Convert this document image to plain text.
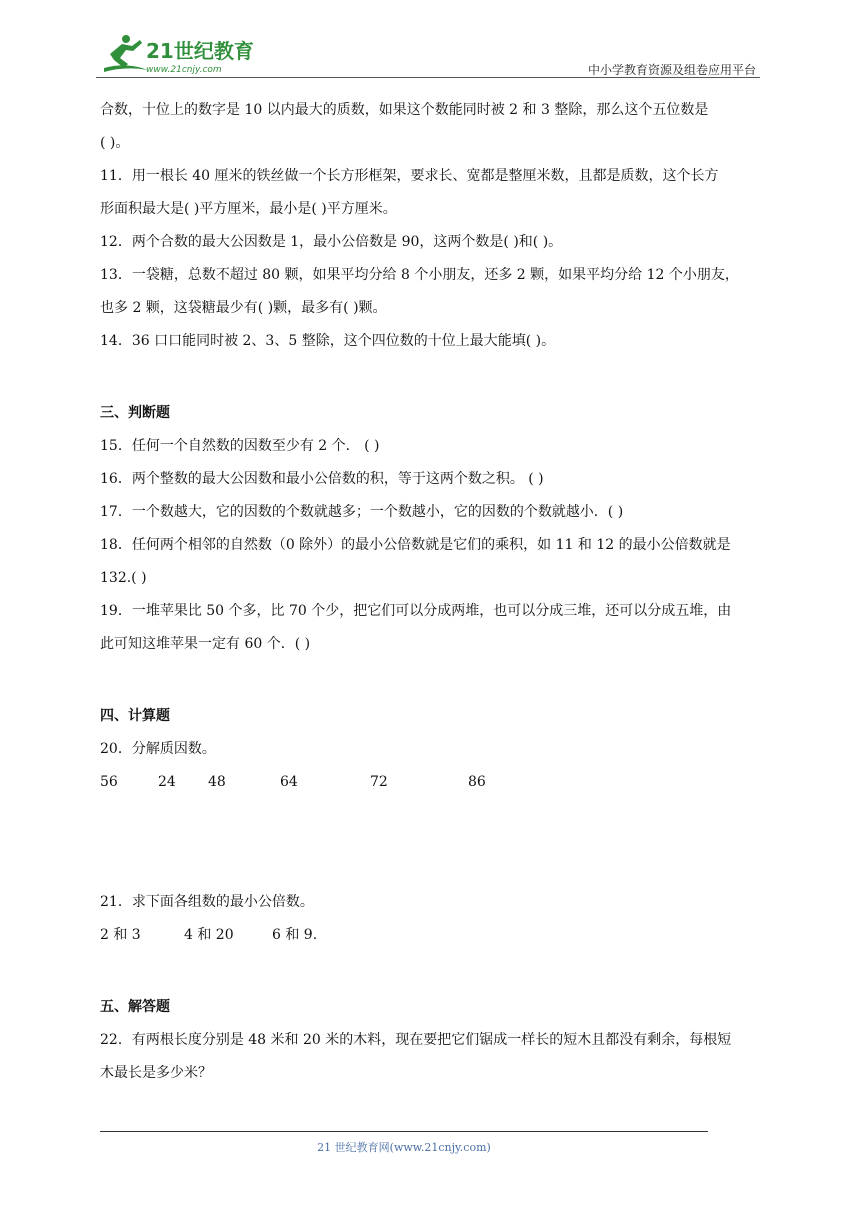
21世纪教育
www.21cnjy.com	中小学教育资源及组卷应用平台
合数，十位上的数字是 10 以内最大的质数，如果这个数能同时被 2 和 3 整除，那么这个五位数是
( )。
11．用一根长 40 厘米的铁丝做一个长方形框架，要求长、宽都是整厘米数，且都是质数，这个长方
形面积最大是( )平方厘米，最小是( )平方厘米。
12．两个合数的最大公因数是 1，最小公倍数是 90，这两个数是( )和( )。
13．一袋糖，总数不超过 80 颗，如果平均分给 8 个小朋友，还多 2 颗，如果平均分给 12 个小朋友，
也多 2 颗，这袋糖最少有( )颗，最多有( )颗。
14．36 口口能同时被 2、3、5 整除，这个四位数的十位上最大能填( )。
三、判断题
15．任何一个自然数的因数至少有 2 个． ( )
16．两个整数的最大公因数和最小公倍数的积，等于这两个数之积。 ( )
17．一个数越大，它的因数的个数就越多；一个数越小，它的因数的个数就越小．( )
18．任何两个相邻的自然数（0 除外）的最小公倍数就是它们的乘积，如 11 和 12 的最小公倍数就是
132.( )
19．一堆苹果比 50 个多，比 70 个少，把它们可以分成两堆，也可以分成三堆，还可以分成五堆，由
此可知这堆苹果一定有 60 个．( )
四、计算题
20．分解质因数。
56	24 48	64	72	86
21．求下面各组数的最小公倍数。
2 和 3	4 和 20	6 和 9.
五、解答题
22．有两根长度分别是 48 米和 20 米的木料，现在要把它们锯成一样长的短木且都没有剩余，每根短
木最长是多少米？
21 世纪教育网(www.21cnjy.com)
